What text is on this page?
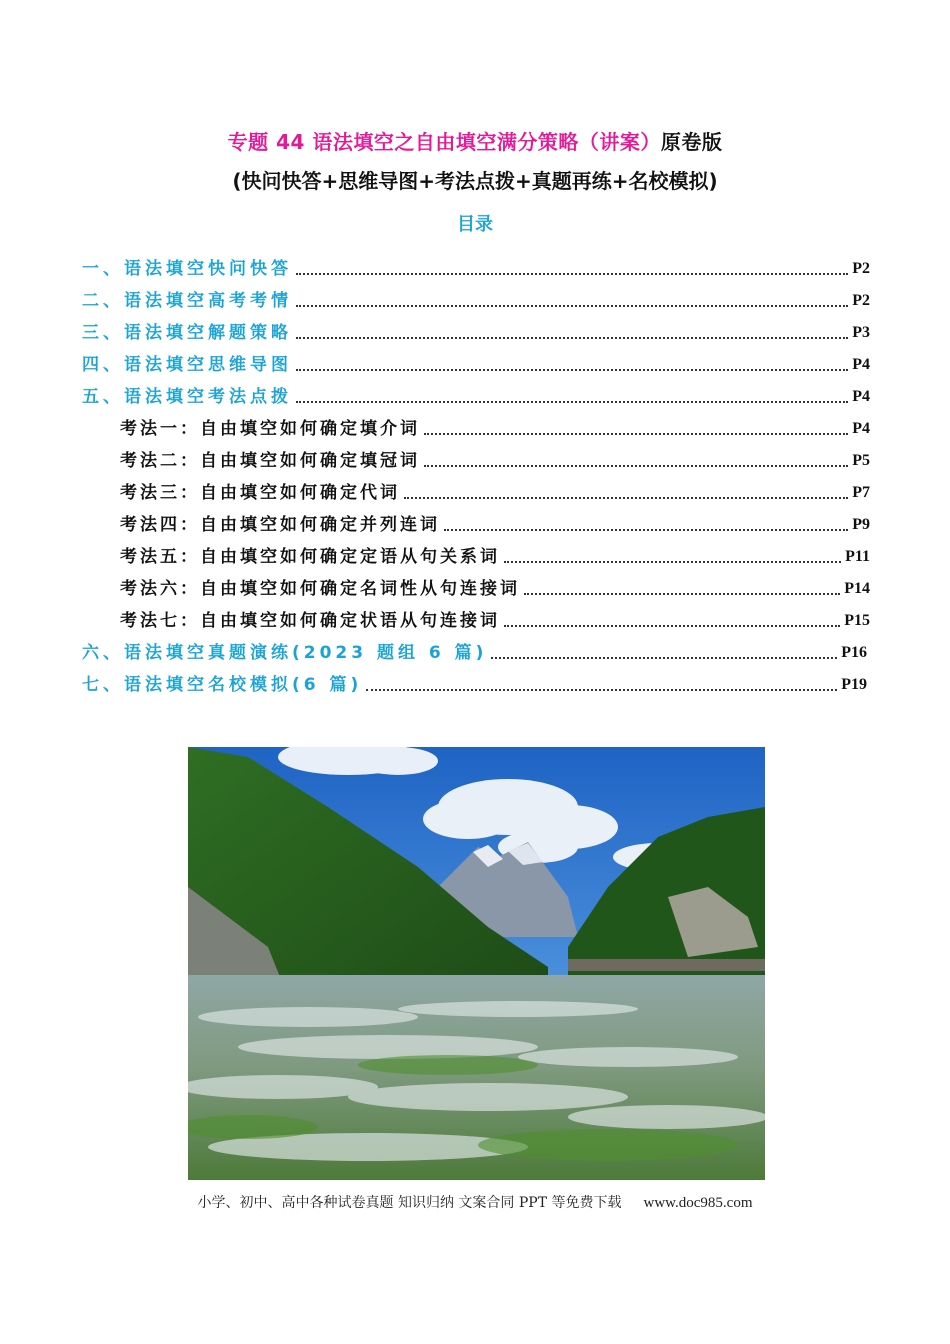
专题 44 语法填空之自由填空满分策略（讲案）原卷版
(快问快答+思维导图+考法点拨+真题再练+名校模拟)
目录
一、语法填空快问快答	P2
二、语法填空高考考情	P2
三、语法填空解题策略	P3
四、语法填空思维导图	P4
五、语法填空考法点拨	P4
考法一：自由填空如何确定填介词	P4
考法二：自由填空如何确定填冠词	P5
考法三：自由填空如何确定代词	P7
考法四：自由填空如何确定并列连词	P9
考法五：自由填空如何确定定语从句关系词	P11
考法六：自由填空如何确定名词性从句连接词	P14
考法七：自由填空如何确定状语从句连接词	P15
六、语法填空真题演练(2023 题组 6 篇)	P16
七、语法填空名校模拟(6 篇)	P19
小学、初中、高中各种试卷真题 知识归纳 文案合同 PPT 等免费下载 www.doc985.com
